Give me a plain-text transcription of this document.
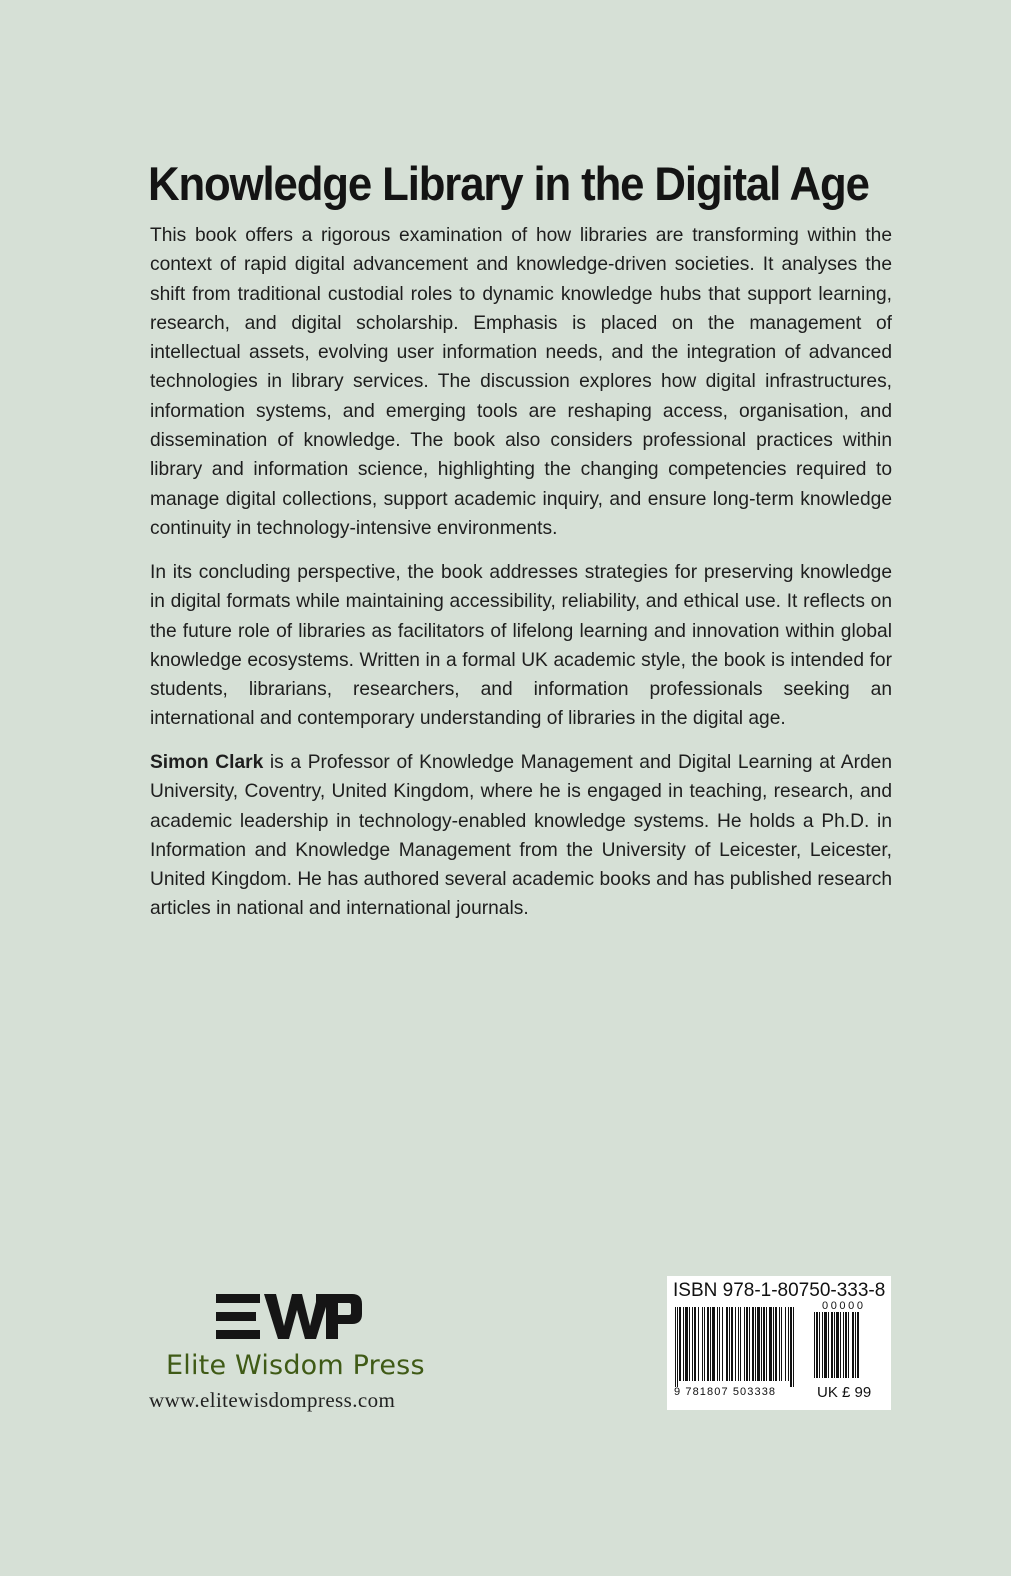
Knowledge Library in the Digital Age

This book offers a rigorous examination of how libraries are transforming within the context of rapid digital advancement and knowledge-driven societies. It analyses the shift from traditional custodial roles to dynamic knowledge hubs that support learning, research, and digital scholarship. Emphasis is placed on the management of intellectual assets, evolving user information needs, and the integration of advanced technologies in library services. The discussion explores how digital infrastructures, information systems, and emerging tools are reshaping access, organisation, and dissemination of knowledge. The book also considers professional practices within library and information science, highlighting the changing competencies required to manage digital collections, support academic inquiry, and ensure long-term knowledge continuity in technology-intensive environments.

In its concluding perspective, the book addresses strategies for preserving knowledge in digital formats while maintaining accessibility, reliability, and ethical use. It reflects on the future role of libraries as facilitators of lifelong learning and innovation within global knowledge ecosystems. Written in a formal UK academic style, the book is intended for students, librarians, researchers, and information professionals seeking an international and contemporary understanding of libraries in the digital age.

Simon Clark is a Professor of Knowledge Management and Digital Learning at Arden University, Coventry, United Kingdom, where he is engaged in teaching, research, and academic leadership in technology-enabled knowledge systems. He holds a Ph.D. in Information and Knowledge Management from the University of Leicester, Leicester, United Kingdom. He has authored several academic books and has published research articles in national and international journals.

Elite Wisdom Press
www.elitewisdompress.com
ISBN 978-1-80750-333-8
00000
9 781807 503338	UK £ 99
